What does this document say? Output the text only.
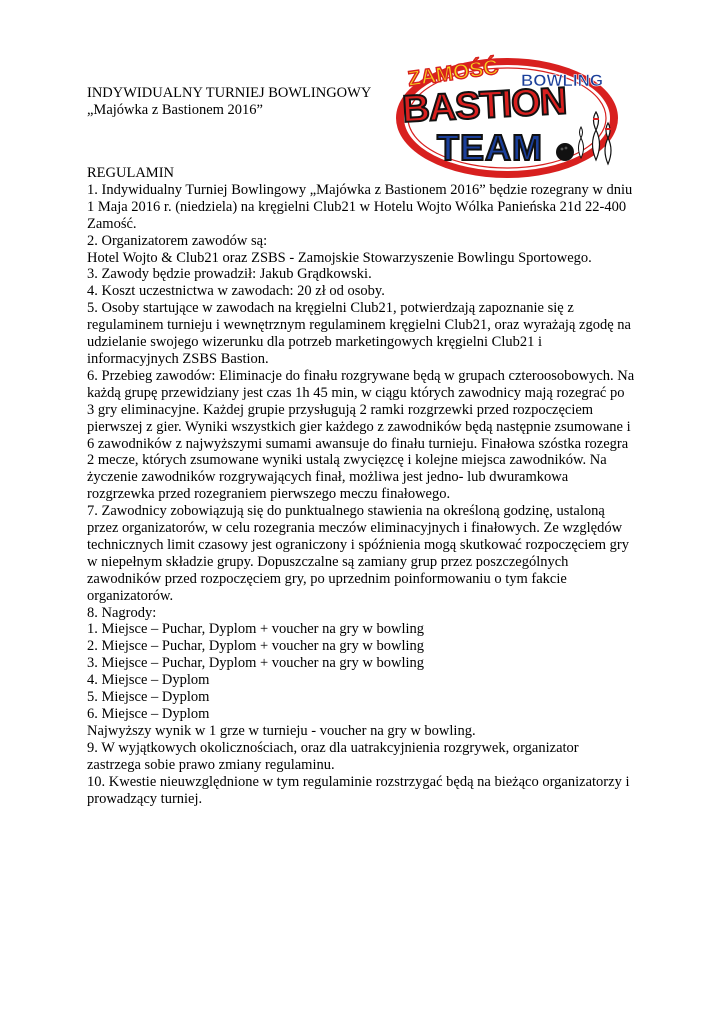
INDYWIDUALNY TURNIEJ BOWLINGOWY
„Majówka z Bastionem 2016”
ZAMOŚĆ BOWLING
BASTION
TEAM

REGULAMIN

1. Indywidualny Turniej Bowlingowy „Majówka z Bastionem 2016” będzie rozegrany w dniu

1 Maja 2016 r. (niedziela) na kręgielni Club21 w Hotelu Wojto Wólka Panieńska 21d 22-400

Zamość.

2. Organizatorem zawodów są:

Hotel Wojto & Club21 oraz ZSBS - Zamojskie Stowarzyszenie Bowlingu Sportowego.

3. Zawody będzie prowadził: Jakub Grądkowski.

4. Koszt uczestnictwa w zawodach: 20 zł od osoby.

5. Osoby startujące w zawodach na kręgielni Club21, potwierdzają zapoznanie się z

regulaminem turnieju i wewnętrznym regulaminem kręgielni Club21, oraz wyrażają zgodę na

udzielanie swojego wizerunku dla potrzeb marketingowych kręgielni Club21 i

informacyjnych ZSBS Bastion.

6. Przebieg zawodów: Eliminacje do finału rozgrywane będą w grupach czteroosobowych. Na

każdą grupę przewidziany jest czas 1h 45 min, w ciągu których zawodnicy mają rozegrać po

3 gry eliminacyjne. Każdej grupie przysługują 2 ramki rozgrzewki przed rozpoczęciem

pierwszej z gier. Wyniki wszystkich gier każdego z zawodników będą następnie zsumowane i

6 zawodników z najwyższymi sumami awansuje do finału turnieju. Finałowa szóstka rozegra

2 mecze, których zsumowane wyniki ustalą zwycięzcę i kolejne miejsca zawodników. Na

życzenie zawodników rozgrywających finał, możliwa jest jedno- lub dwuramkowa

rozgrzewka przed rozegraniem pierwszego meczu finałowego.

7. Zawodnicy zobowiązują się do punktualnego stawienia na określoną godzinę, ustaloną

przez organizatorów, w celu rozegrania meczów eliminacyjnych i finałowych. Ze względów

technicznych limit czasowy jest ograniczony i spóźnienia mogą skutkować rozpoczęciem gry

w niepełnym składzie grupy. Dopuszczalne są zamiany grup przez poszczególnych

zawodników przed rozpoczęciem gry, po uprzednim poinformowaniu o tym fakcie

organizatorów.

8. Nagrody:

1. Miejsce – Puchar, Dyplom + voucher na gry w bowling

2. Miejsce – Puchar, Dyplom + voucher na gry w bowling

3. Miejsce – Puchar, Dyplom + voucher na gry w bowling

4. Miejsce – Dyplom

5. Miejsce – Dyplom

6. Miejsce – Dyplom

Najwyższy wynik w 1 grze w turnieju - voucher na gry w bowling.

9. W wyjątkowych okolicznościach, oraz dla uatrakcyjnienia rozgrywek, organizator

zastrzega sobie prawo zmiany regulaminu.

10. Kwestie nieuwzględnione w tym regulaminie rozstrzygać będą na bieżąco organizatorzy i

prowadzący turniej.
